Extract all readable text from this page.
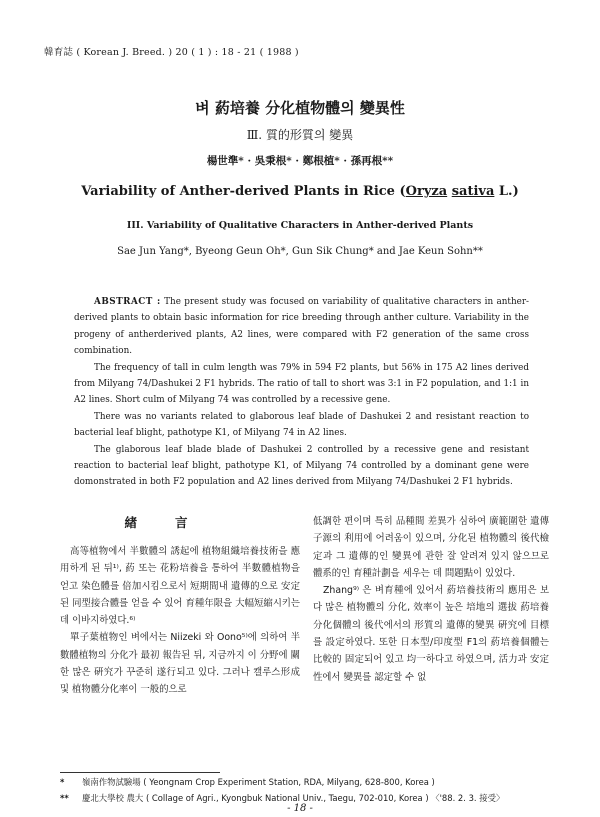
韓育誌 ( Korean J. Breed. ) 20 ( 1 ) : 18 - 21 ( 1988 )
벼 葯培養 分化植物體의 變異性
Ⅲ. 質的形質의 變異
楊世準* · 吳秉根* · 鄭根植* · 孫再根**
Variability of Anther-derived Plants in Rice (Oryza sativa L.)
III. Variability of Qualitative Characters in Anther-derived Plants
Sae Jun Yang*, Byeong Geun Oh*, Gun Sik Chung* and Jae Keun Sohn**

ABSTRACT : The present study was focused on variability of qualitative characters in anther-derived plants to obtain basic information for rice breeding through anther culture. Variability in the progeny of antherderived plants, A2 lines, were compared with F2 generation of the same cross combination.

The frequency of tall in culm length was 79% in 594 F2 plants, but 56% in 175 A2 lines derived from Milyang 74/Dashukei 2 F1 hybrids. The ratio of tall to short was 3:1 in F2 population, and 1:1 in A2 lines. Short culm of Milyang 74 was controlled by a recessive gene.

There was no variants related to glaborous leaf blade of Dashukei 2 and resistant reaction to bacterial leaf blight, pathotype K1, of Milyang 74 in A2 lines.

The glaborous leaf blade blade of Dashukei 2 controlled by a recessive gene and resistant reaction to bacterial leaf blight, pathotype K1, of Milyang 74 controlled by a dominant gene were domonstrated in both F2 population and A2 lines derived from Milyang 74/Dashukei 2 F1 hybrids.

緖言

高等植物에서 半數體의 誘起에 植物組織培養技術을 應用하게 된 뒤¹⁾, 葯 또는 花粉培養을 통하여 半數體植物을 얻고 染色體를 倍加시킴으로서 短期間내 遺傳的으로 安定된 同型接合體를 얻을 수 있어 育種年限을 大幅短縮시키는데 이바지하였다.⁶⁾

單子葉植物인 벼에서는 Niizeki 와 Oono⁵⁾에 의하여 半數體植物의 分化가 最初 報告된 뒤, 지금까지 이 分野에 關한 많은 硏究가 꾸준히 遂行되고 있다. 그러나 캘루스形成 및 植物體分化率이 一般的으로

低調한 편이며 특히 品種間 差異가 심하여 廣範圍한 遺傳子源의 利用에 어려움이 있으며, 分化된 植物體의 後代檢定과 그 遺傳的인 變異에 관한 잘 알려져 있지 않으므로 體系的인 育種計劃을 세우는 데 問題點이 있었다.

Zhang⁹⁾ 은 벼育種에 있어서 葯培養技術의 應用은 보다 많은 植物體의 分化, 效率이 높은 培地의 選拔 葯培養分化個體의 後代에서의 形質의 遺傳的變異 硏究에 目標를 設定하였다. 또한 日本型/印度型 F1의 葯培養個體는 比較的 固定되어 있고 均一하다고 하였으며, 活力과 安定性에서 變異를 認定할 수 없

* 嶺南作物試驗場 ( Yeongnam Crop Experiment Station, RDA, Milyang, 628-800, Korea )
** 慶北大學校 農大 ( Collage of Agri., Kyongbuk National Univ., Taegu, 702-010, Korea ) 〈'88. 2. 3. 接受〉
- 18 -
